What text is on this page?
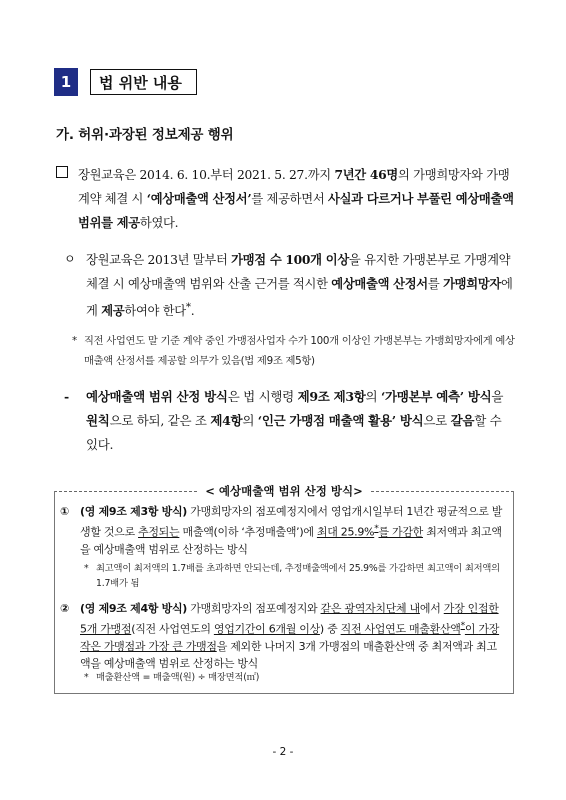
1	법 위반 내용
가. 허위·과장된 정보제공 행위
장원교육은 2014. 6. 10.부터 2021. 5. 27.까지 7년간 46명의 가맹희망자와 가맹계약 체결 시 ‘예상매출액 산정서’를 제공하면서 사실과 다르거나 부풀린 예상매출액 범위를 제공하였다.
ㅇ 장원교육은 2013년 말부터 가맹점 수 100개 이상을 유지한 가맹본부로 가맹계약 체결 시 예상매출액 범위와 산출 근거를 적시한 예상매출액 산정서를 가맹희망자에게 제공하여야 한다*.
* 직전 사업연도 말 기준 계약 중인 가맹점사업자 수가 100개 이상인 가맹본부는 가맹희망자에게 예상매출액 산정서를 제공할 의무가 있음(법 제9조 제5항)
-	예상매출액 범위 산정 방식은 법 시행령 제9조 제3항의 ‘가맹본부 예측’ 방식을 원칙으로 하되, 같은 조 제4항의 ‘인근 가맹점 매출액 활용’ 방식으로 갈음할 수 있다.
< 예상매출액 범위 산정 방식>
① (영 제9조 제3항 방식) 가맹희망자의 점포예정지에서 영업개시일부터 1년간 평균적으로 발생할 것으로 추정되는 매출액(이하 ‘추정매출액’)에 최대 25.9%*를 가감한 최저액과 최고액을 예상매출액 범위로 산정하는 방식
* 최고액이 최저액의 1.7배를 초과하면 안되는데, 추정매출액에서 25.9%를 가감하면 최고액이 최저액의 1.7배가 됨
② (영 제9조 제4항 방식) 가맹희망자의 점포예정지와 같은 광역자치단체 내에서 가장 인접한 5개 가맹점(직전 사업연도의 영업기간이 6개월 이상) 중 직전 사업연도 매출환산액*이 가장 작은 가맹점과 가장 큰 가맹점을 제외한 나머지 3개 가맹점의 매출환산액 중 최저액과 최고액을 예상매출액 범위로 산정하는 방식
* 매출환산액 = 매출액(원) ÷ 매장면적(㎡)
- 2 -
